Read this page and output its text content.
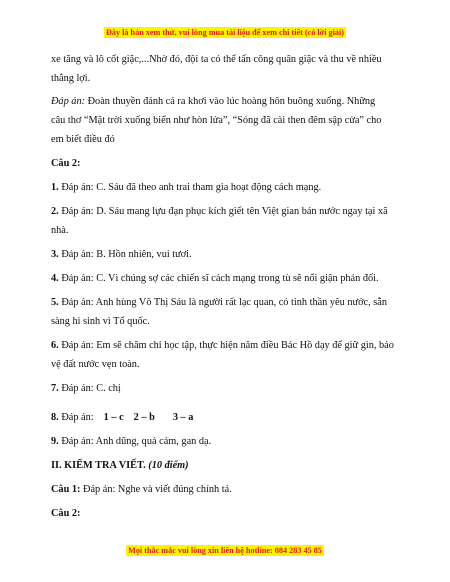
Đây là bản xem thử, vui lòng mua tài liệu để xem chi tiết (có lời giải)

xe tăng và lô cốt giặc,...Nhờ đó, đội ta có thể tấn công quân giặc và thu về nhiều

thắng lợi.

Đáp án: Đoàn thuyền đánh cá ra khơi vào lúc hoàng hôn buông xuống. Những

câu thơ “Mặt trời xuống biển như hòn lửa”, “Sóng đã cài then đêm sập cửa” cho

em biết điều đó

Câu 2:

1. Đáp án: C. Sáu đã theo anh trai tham gia hoạt động cách mạng.

2. Đáp án: D. Sáu mang lựu đạn phục kích giết tên Việt gian bán nước ngay tại xã

nhà.

3. Đáp án: B. Hồn nhiên, vui tươi.

4. Đáp án: C. Vì chúng sợ các chiến sĩ cách mạng trong tù sẽ nổi giận phản đối.

5. Đáp án: Anh hùng Võ Thị Sáu là người rất lạc quan, có tinh thần yêu nước, sẵn

sàng hi sinh vì Tổ quốc.

6. Đáp án: Em sẽ chăm chỉ học tập, thực hiện năm điều Bác Hồ dạy để giữ gìn, bảo

vệ đất nước vẹn toàn.

7. Đáp án: C. chị

8. Đáp án: 1 – c 2 – b 3 – a

9. Đáp án: Anh dũng, quả cảm, gan dạ.

II. KIỂM TRA VIẾT. (10 điểm)

Câu 1: Đáp án: Nghe và viết đúng chính tả.

Câu 2:

Mọi thắc mắc vui lòng xin liên hệ hotline: 084 283 45 85
